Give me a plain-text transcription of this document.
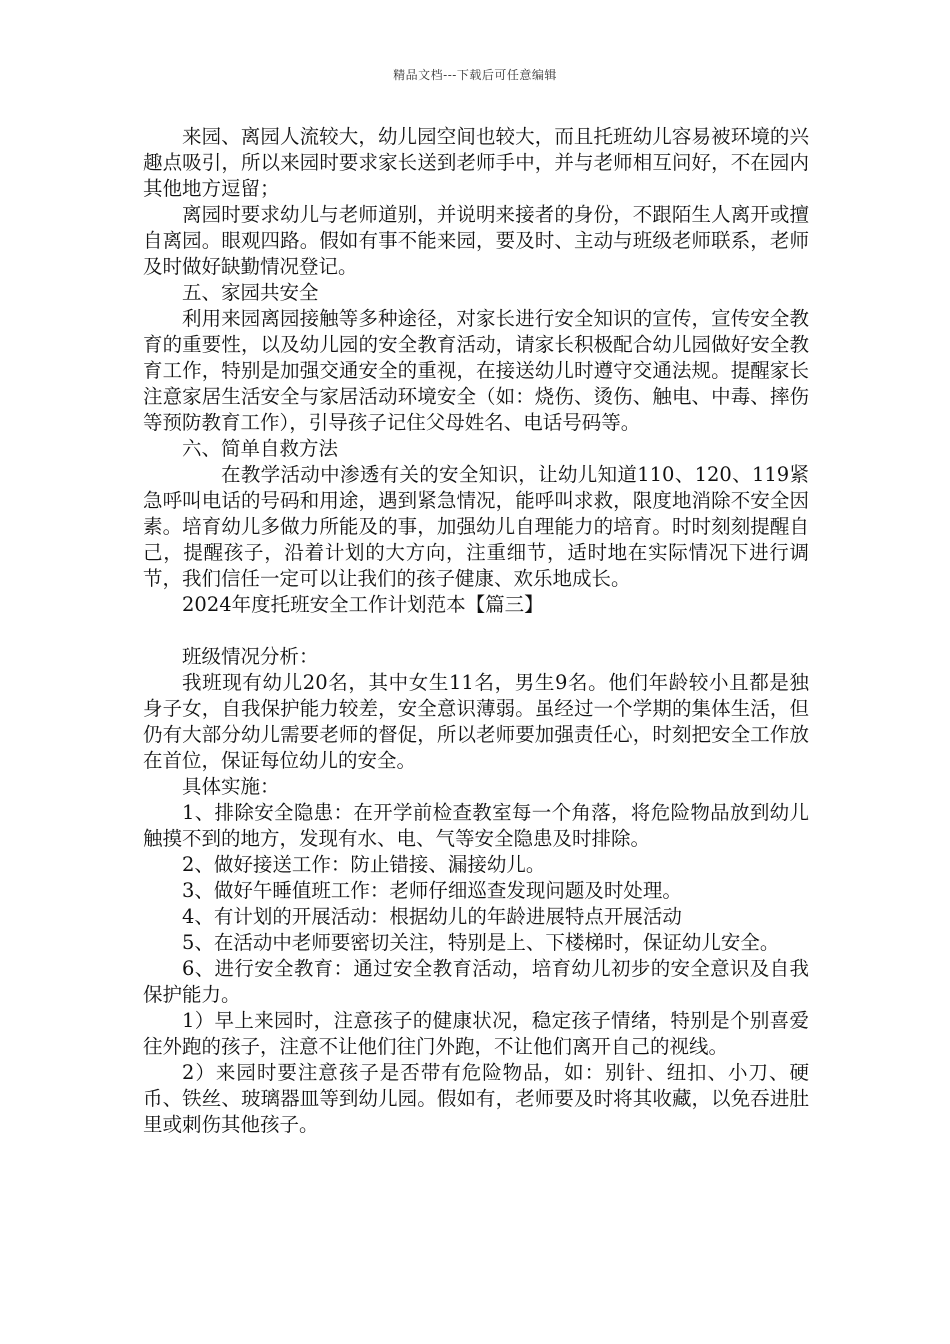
精品文档---下载后可任意编辑

来园、离园人流较大，幼儿园空间也较大，而且托班幼儿容易被环境的兴趣点吸引，所以来园时要求家长送到老师手中，并与老师相互问好，不在园内其他地方逗留；

离园时要求幼儿与老师道别，并说明来接者的身份，不跟陌生人离开或擅自离园。眼观四路。假如有事不能来园，要及时、主动与班级老师联系，老师及时做好缺勤情况登记。

五、家园共安全

利用来园离园接触等多种途径，对家长进行安全知识的宣传，宣传安全教育的重要性，以及幼儿园的安全教育活动，请家长积极配合幼儿园做好安全教育工作，特别是加强交通安全的重视，在接送幼儿时遵守交通法规。提醒家长注意家居生活安全与家居活动环境安全（如：烧伤、烫伤、触电、中毒、摔伤等预防教育工作），引导孩子记住父母姓名、电话号码等。

六、简单自救方法

在教学活动中渗透有关的安全知识，让幼儿知道110、120、119紧急呼叫电话的号码和用途，遇到紧急情况，能呼叫求救，限度地消除不安全因素。培育幼儿多做力所能及的事，加强幼儿自理能力的培育。时时刻刻提醒自己，提醒孩子，沿着计划的大方向，注重细节，适时地在实际情况下进行调节，我们信任一定可以让我们的孩子健康、欢乐地成长。

2024年度托班安全工作计划范本【篇三】

班级情况分析：

我班现有幼儿20名，其中女生11名，男生9名。他们年龄较小且都是独身子女，自我保护能力较差，安全意识薄弱。虽经过一个学期的集体生活，但仍有大部分幼儿需要老师的督促，所以老师要加强责任心，时刻把安全工作放在首位，保证每位幼儿的安全。

具体实施：

1、排除安全隐患：在开学前检查教室每一个角落，将危险物品放到幼儿触摸不到的地方，发现有水、电、气等安全隐患及时排除。

2、做好接送工作：防止错接、漏接幼儿。

3、做好午睡值班工作：老师仔细巡查发现问题及时处理。

4、有计划的开展活动：根据幼儿的年龄进展特点开展活动

5、在活动中老师要密切关注，特别是上、下楼梯时，保证幼儿安全。

6、进行安全教育：通过安全教育活动，培育幼儿初步的安全意识及自我保护能力。

1）早上来园时，注意孩子的健康状况，稳定孩子情绪，特别是个别喜爱往外跑的孩子，注意不让他们往门外跑，不让他们离开自己的视线。

2）来园时要注意孩子是否带有危险物品，如：别针、纽扣、小刀、硬币、铁丝、玻璃器皿等到幼儿园。假如有，老师要及时将其收藏，以免吞进肚里或刺伤其他孩子。
